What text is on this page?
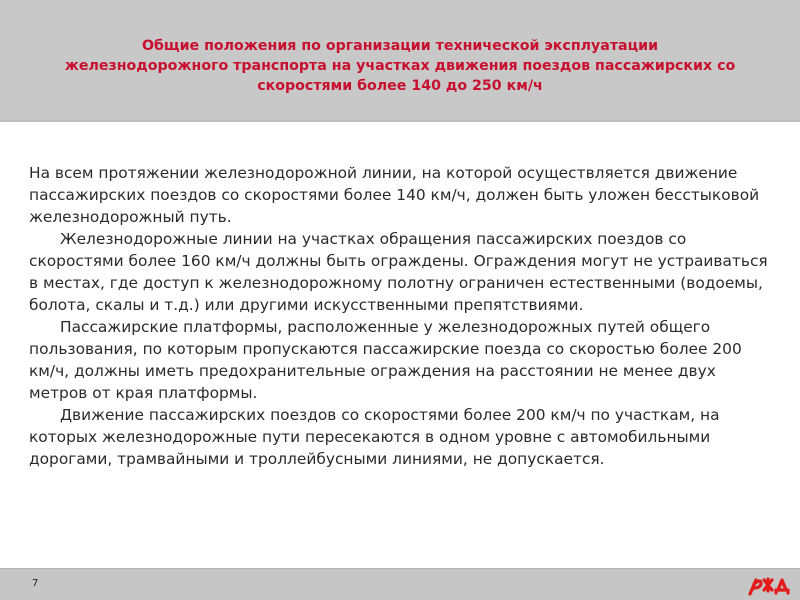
Общие положения по организации технической эксплуатации железнодорожного транспорта на участках движения поездов пассажирских со скоростями более 140 до 250 км/ч

На всем протяжении железнодорожной линии, на которой осуществляется движение пассажирских поездов со скоростями более 140 км/ч, должен быть уложен бесстыковой железнодорожный путь.

Железнодорожные линии на участках обращения пассажирских поездов со скоростями более 160 км/ч должны быть ограждены. Ограждения могут не устраиваться в местах, где доступ к железнодорожному полотну ограничен естественными (водоемы, болота, скалы и т.д.) или другими искусственными препятствиями.

Пассажирские платформы, расположенные у железнодорожных путей общего пользования, по которым пропускаются пассажирские поезда со скоростью более 200 км/ч, должны иметь предохранительные ограждения на расстоянии не менее двух метров от края платформы.

Движение пассажирских поездов со скоростями более 200 км/ч по участкам, на которых железнодорожные пути пересекаются в одном уровне с автомобильными дорогами, трамвайными и троллейбусными линиями, не допускается.

7
